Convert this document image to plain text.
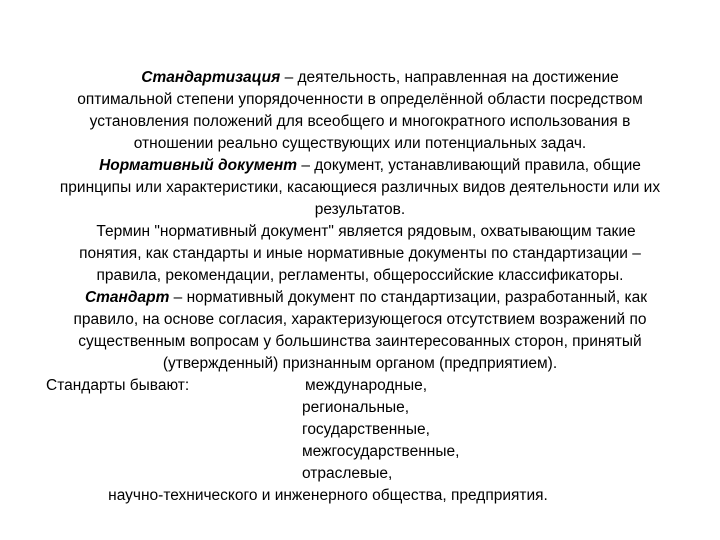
Стандартизация – деятельность, направленная на достижение
оптимальной степени упорядоченности в определённой области посредством
установления положений для всеобщего и многократного использования в
отношении реально существующих или потенциальных задач.
Нормативный документ – документ, устанавливающий правила, общие
принципы или характеристики, касающиеся различных видов деятельности или их
результатов.
Термин "нормативный документ" является рядовым, охватывающим такие
понятия, как стандарты и иные нормативные документы по стандартизации –
правила, рекомендации, регламенты, общероссийские классификаторы.
Стандарт – нормативный документ по стандартизации, разработанный, как
правило, на основе согласия, характеризующегося отсутствием возражений по
существенным вопросам у большинства заинтересованных сторон, принятый
(утвержденный) признанным органом (предприятием).
Стандарты бывают:	международные,
региональные,
государственные,
межгосударственные,
отраслевые,
научно-технического и инженерного общества, предприятия.
